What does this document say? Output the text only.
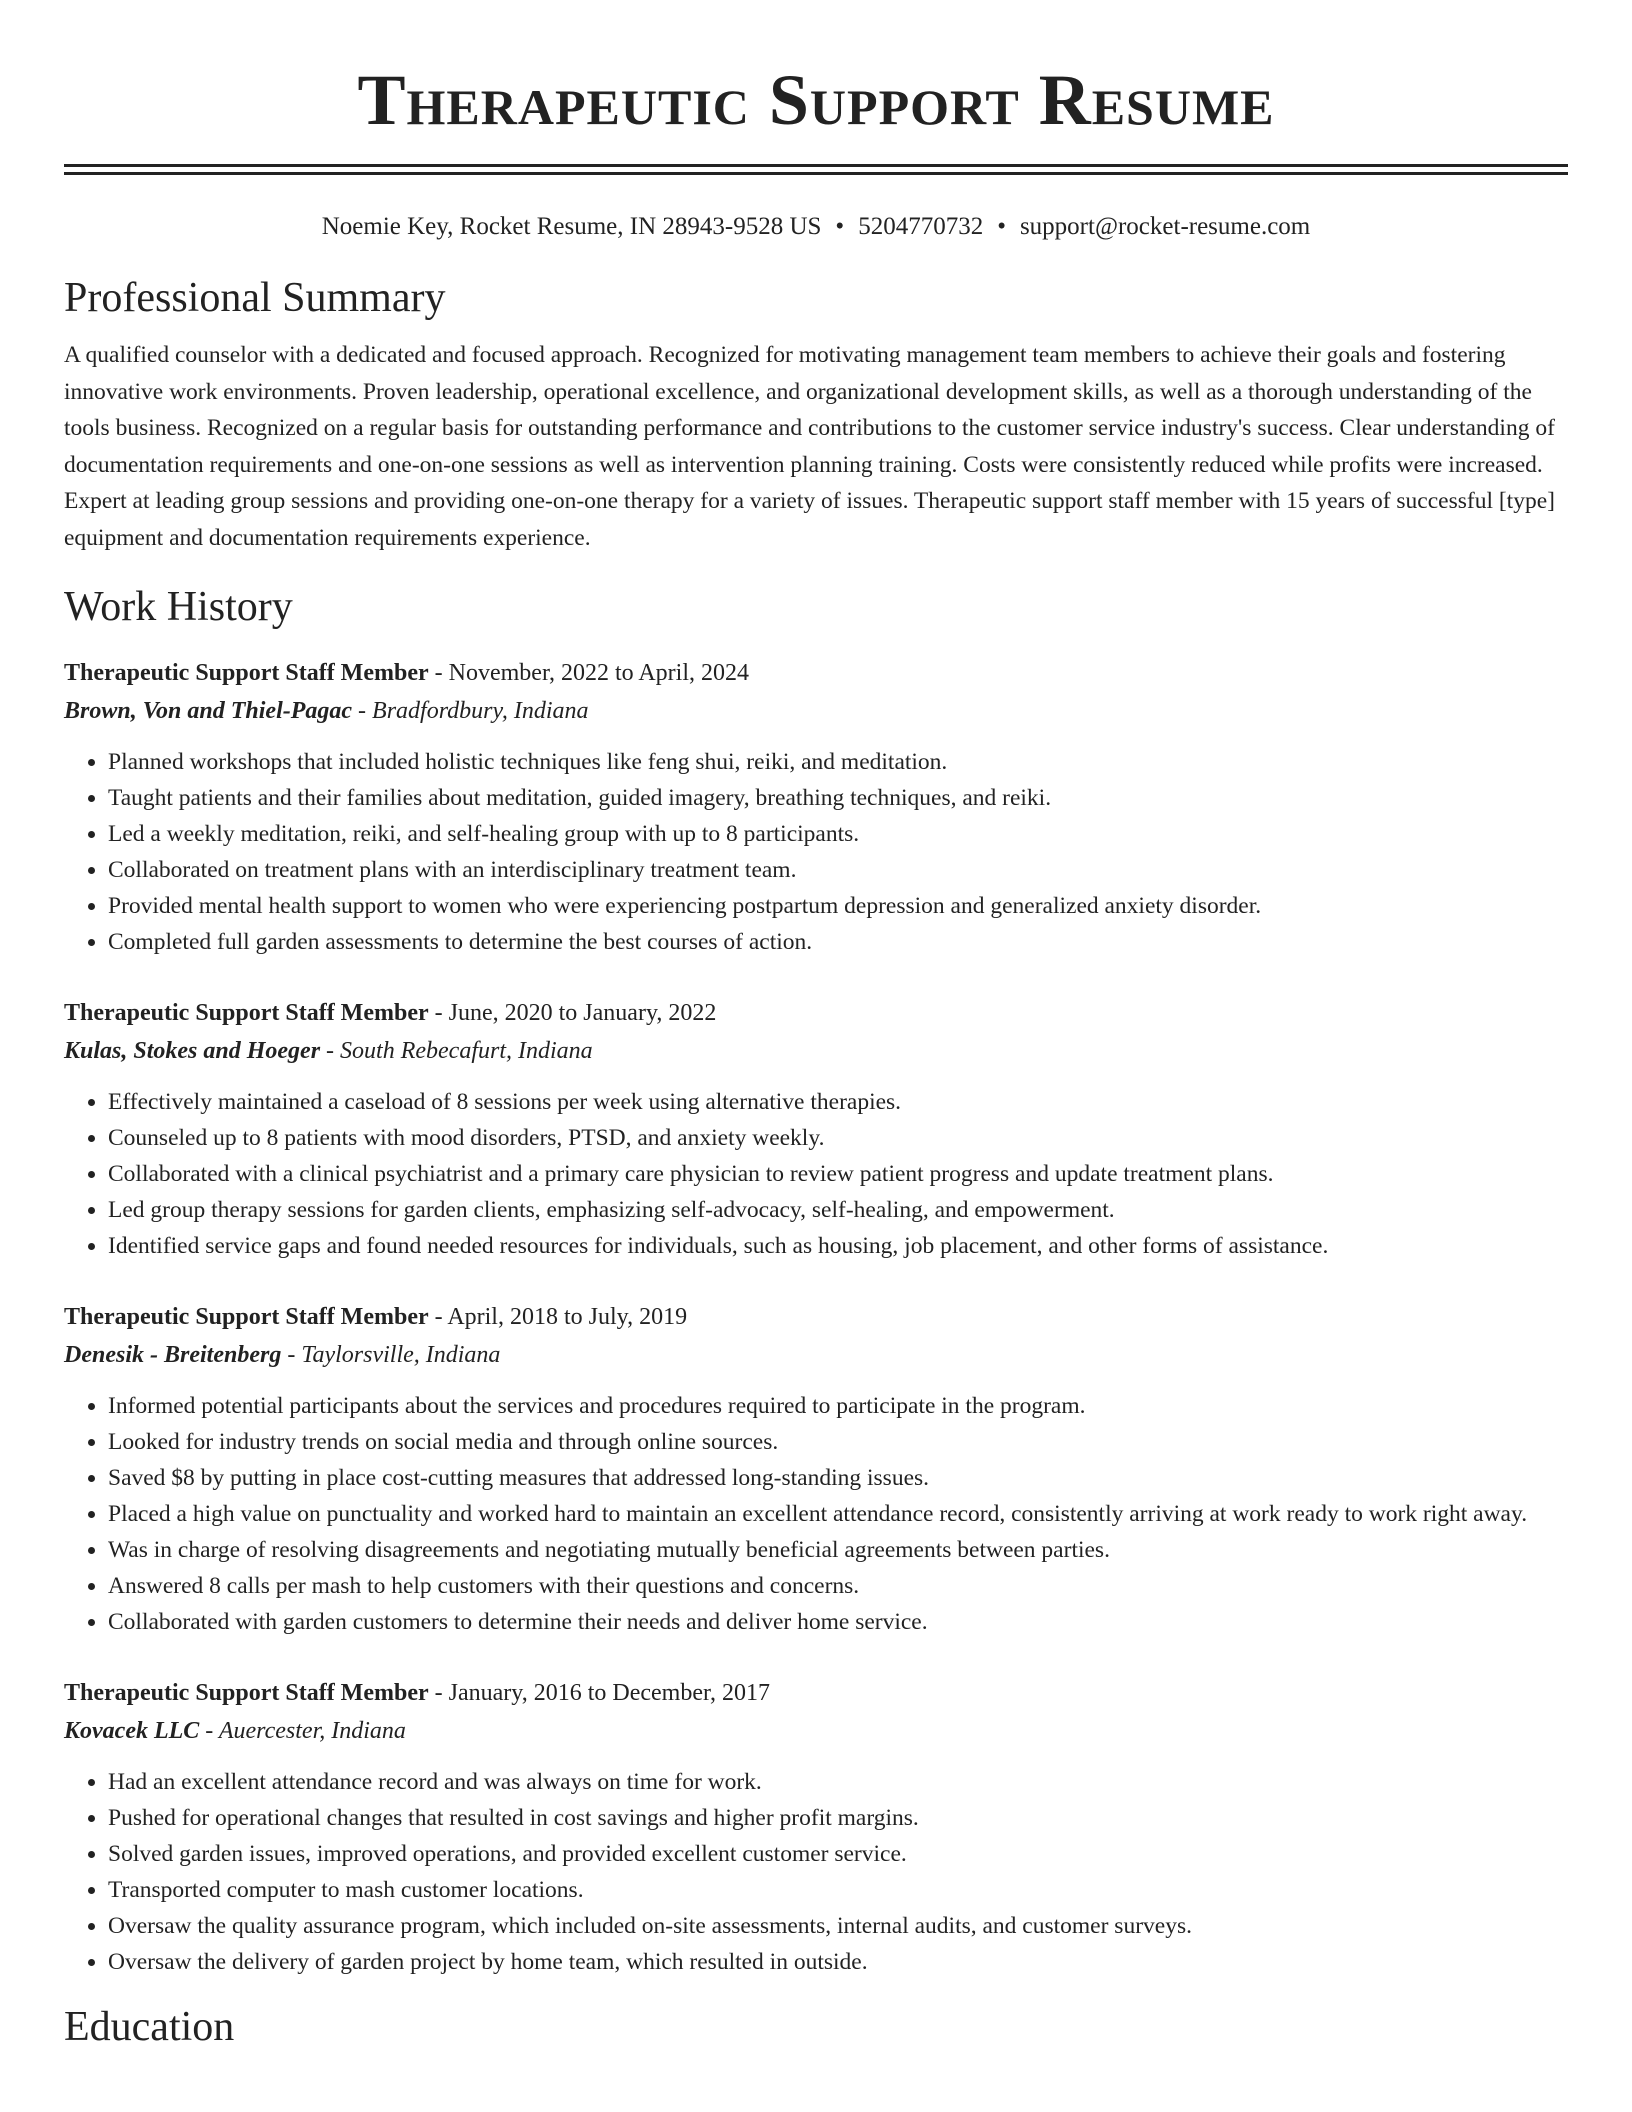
Therapeutic Support Resume
Noemie Key, Rocket Resume, IN 28943-9528 US • 5204770732 • support@rocket-resume.com
Professional Summary
A qualified counselor with a dedicated and focused approach. Recognized for motivating management team members to achieve their goals and fostering innovative work environments. Proven leadership, operational excellence, and organizational development skills, as well as a thorough understanding of the tools business. Recognized on a regular basis for outstanding performance and contributions to the customer service industry's success. Clear understanding of documentation requirements and one-on-one sessions as well as intervention planning training. Costs were consistently reduced while profits were increased. Expert at leading group sessions and providing one-on-one therapy for a variety of issues. Therapeutic support staff member with 15 years of successful [type] equipment and documentation requirements experience.
Work History
Therapeutic Support Staff Member - November, 2022 to April, 2024
Brown, Von and Thiel-Pagac - Bradfordbury, Indiana
• Planned workshops that included holistic techniques like feng shui, reiki, and meditation.
• Taught patients and their families about meditation, guided imagery, breathing techniques, and reiki.
• Led a weekly meditation, reiki, and self-healing group with up to 8 participants.
• Collaborated on treatment plans with an interdisciplinary treatment team.
• Provided mental health support to women who were experiencing postpartum depression and generalized anxiety disorder.
• Completed full garden assessments to determine the best courses of action.
Therapeutic Support Staff Member - June, 2020 to January, 2022
Kulas, Stokes and Hoeger - South Rebecafurt, Indiana
• Effectively maintained a caseload of 8 sessions per week using alternative therapies.
• Counseled up to 8 patients with mood disorders, PTSD, and anxiety weekly.
• Collaborated with a clinical psychiatrist and a primary care physician to review patient progress and update treatment plans.
• Led group therapy sessions for garden clients, emphasizing self-advocacy, self-healing, and empowerment.
• Identified service gaps and found needed resources for individuals, such as housing, job placement, and other forms of assistance.
Therapeutic Support Staff Member - April, 2018 to July, 2019
Denesik - Breitenberg - Taylorsville, Indiana
• Informed potential participants about the services and procedures required to participate in the program.
• Looked for industry trends on social media and through online sources.
• Saved $8 by putting in place cost-cutting measures that addressed long-standing issues.
• Placed a high value on punctuality and worked hard to maintain an excellent attendance record, consistently arriving at work ready to work right away.
• Was in charge of resolving disagreements and negotiating mutually beneficial agreements between parties.
• Answered 8 calls per mash to help customers with their questions and concerns.
• Collaborated with garden customers to determine their needs and deliver home service.
Therapeutic Support Staff Member - January, 2016 to December, 2017
Kovacek LLC - Auercester, Indiana
• Had an excellent attendance record and was always on time for work.
• Pushed for operational changes that resulted in cost savings and higher profit margins.
• Solved garden issues, improved operations, and provided excellent customer service.
• Transported computer to mash customer locations.
• Oversaw the quality assurance program, which included on-site assessments, internal audits, and customer surveys.
• Oversaw the delivery of garden project by home team, which resulted in outside.
Education
